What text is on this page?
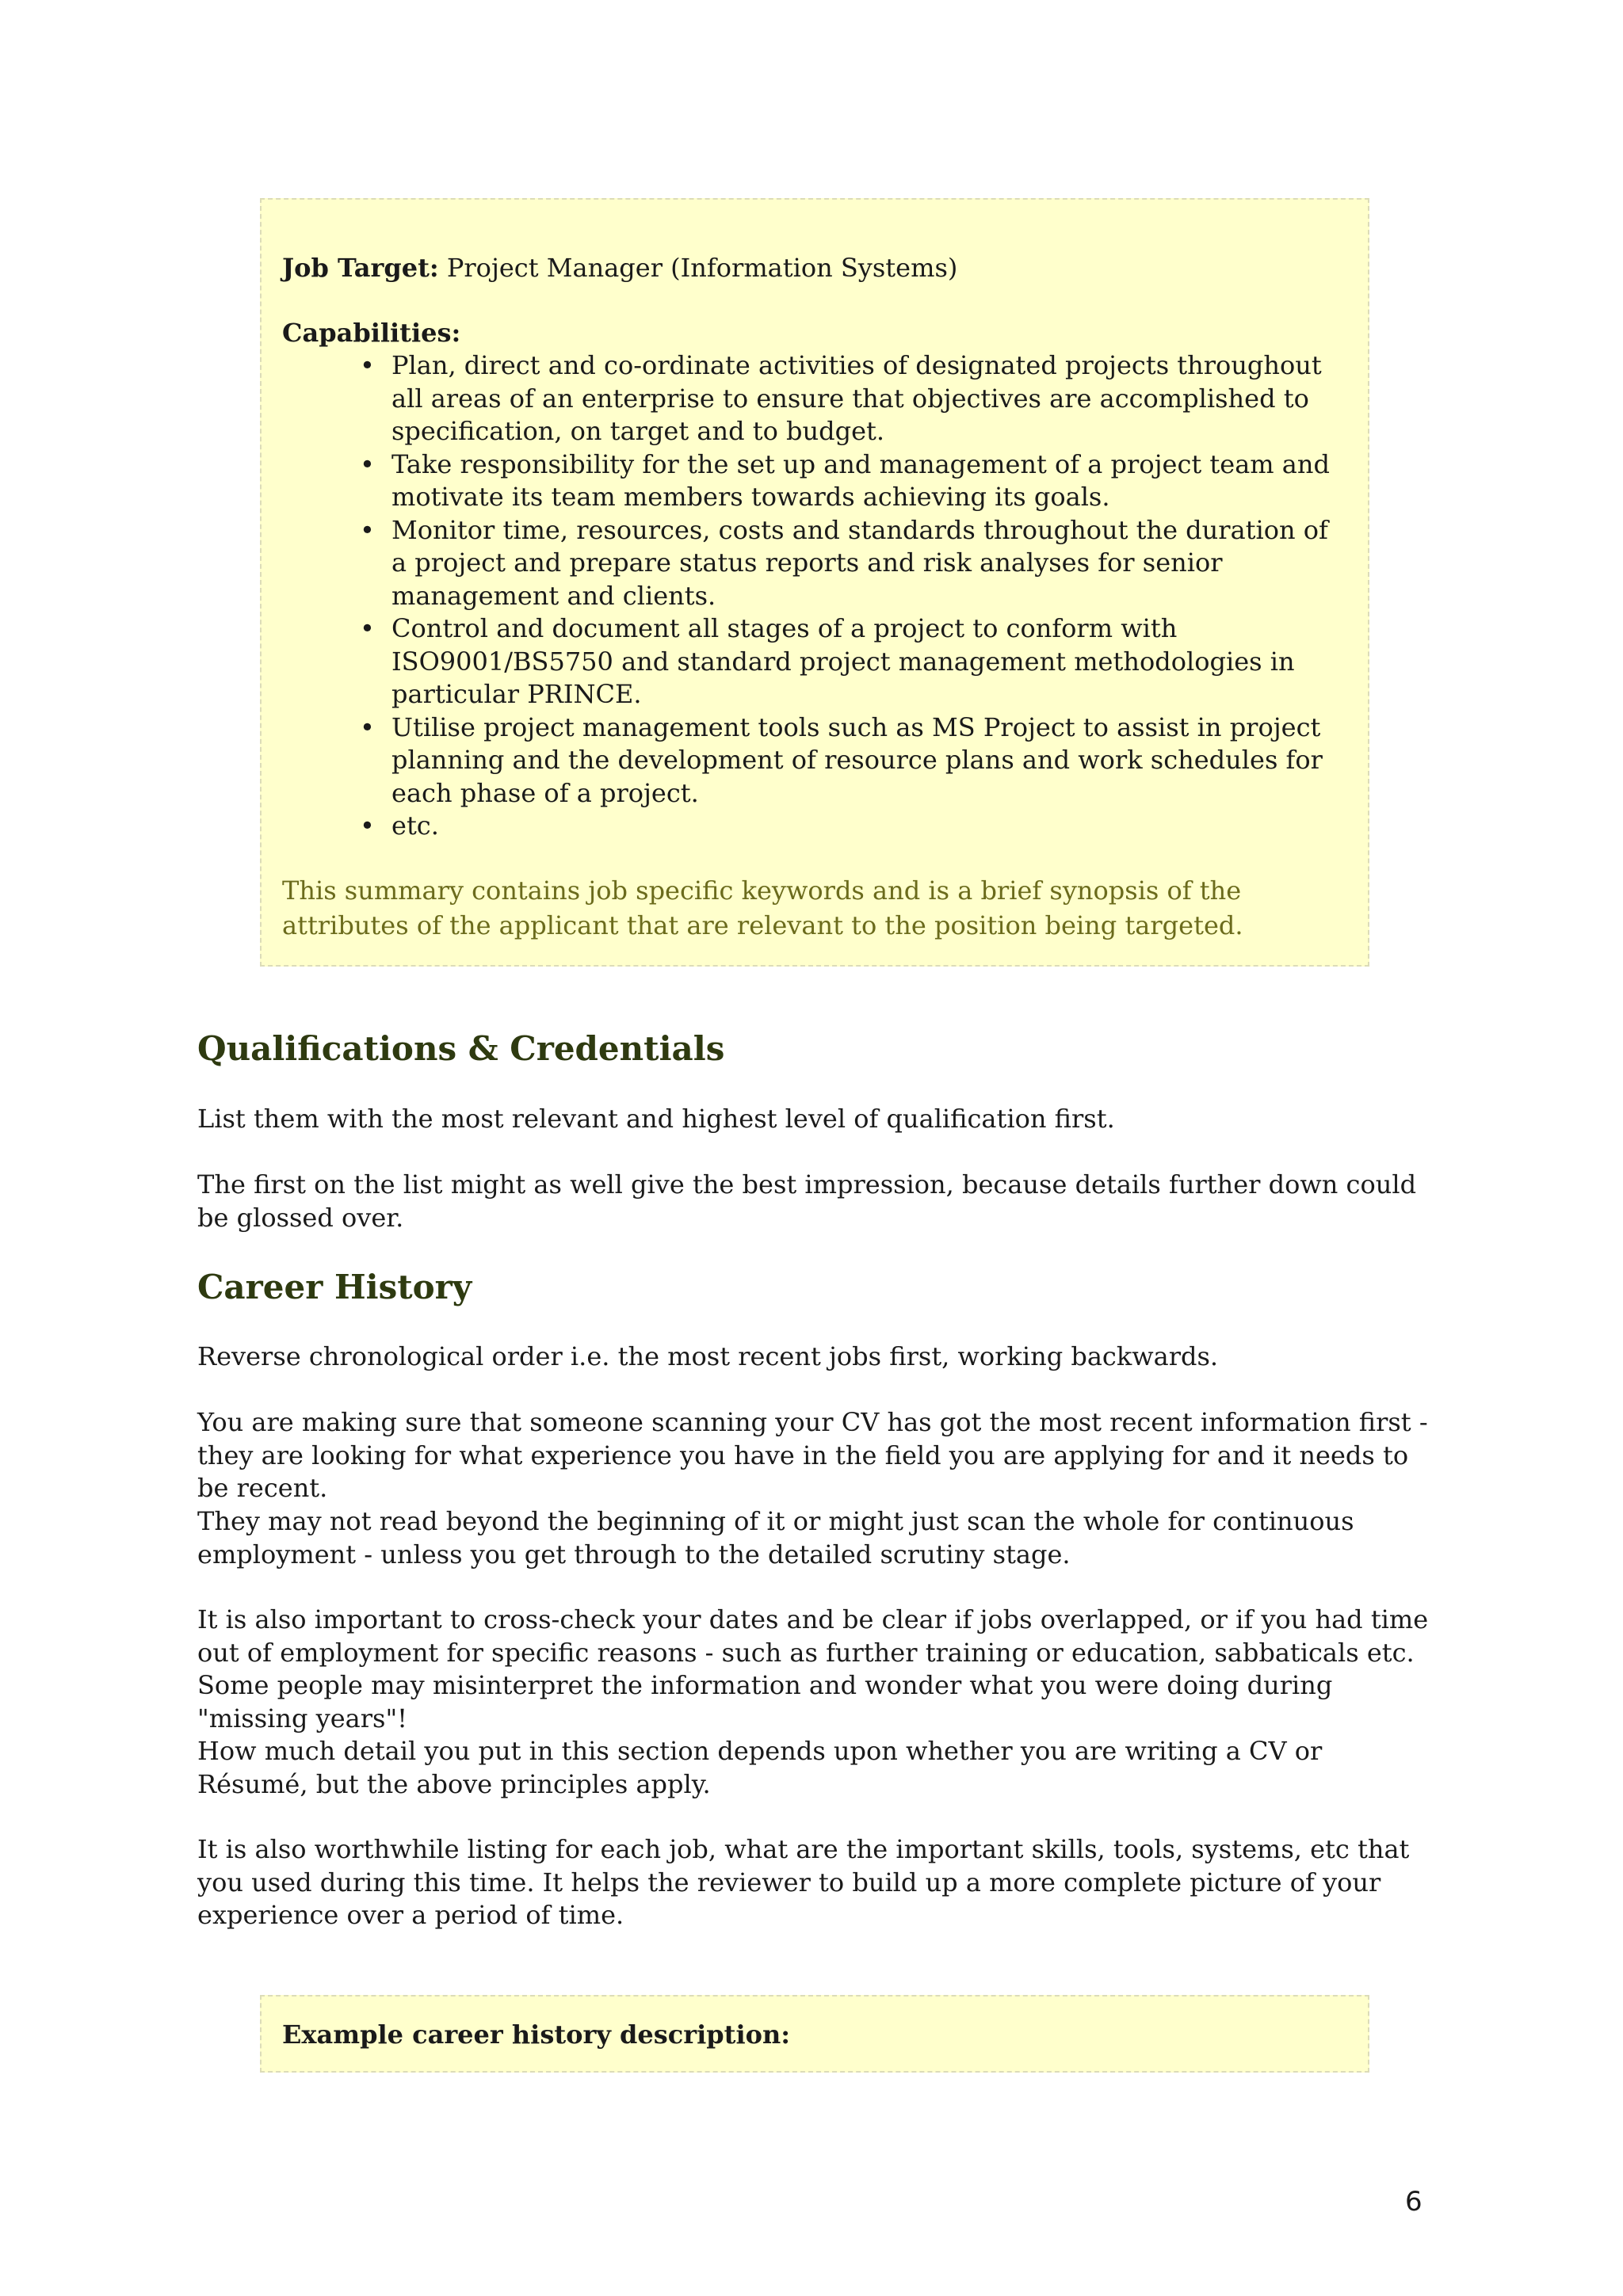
Job Target: Project Manager (Information Systems)

Capabilities:

• Plan, direct and co-ordinate activities of designated projects throughout all areas of an enterprise to ensure that objectives are accomplished to specification, on target and to budget.
• Take responsibility for the set up and management of a project team and motivate its team members towards achieving its goals.
• Monitor time, resources, costs and standards throughout the duration of a project and prepare status reports and risk analyses for senior management and clients.
• Control and document all stages of a project to conform with ISO9001/BS5750 and standard project management methodologies in particular PRINCE.
• Utilise project management tools such as MS Project to assist in project planning and the development of resource plans and work schedules for each phase of a project.
• etc.

This summary contains job specific keywords and is a brief synopsis of the attributes of the applicant that are relevant to the position being targeted.

Qualifications & Credentials

List them with the most relevant and highest level of qualification first.

The first on the list might as well give the best impression, because details further down could be glossed over.

Career History

Reverse chronological order i.e. the most recent jobs first, working backwards.

You are making sure that someone scanning your CV has got the most recent information first - they are looking for what experience you have in the field you are applying for and it needs to be recent.

They may not read beyond the beginning of it or might just scan the whole for continuous employment - unless you get through to the detailed scrutiny stage.

It is also important to cross-check your dates and be clear if jobs overlapped, or if you had time out of employment for specific reasons - such as further training or education, sabbaticals etc. Some people may misinterpret the information and wonder what you were doing during "missing years"!

How much detail you put in this section depends upon whether you are writing a CV or Résumé, but the above principles apply.

It is also worthwhile listing for each job, what are the important skills, tools, systems, etc that you used during this time. It helps the reviewer to build up a more complete picture of your experience over a period of time.

Example career history description:

6
